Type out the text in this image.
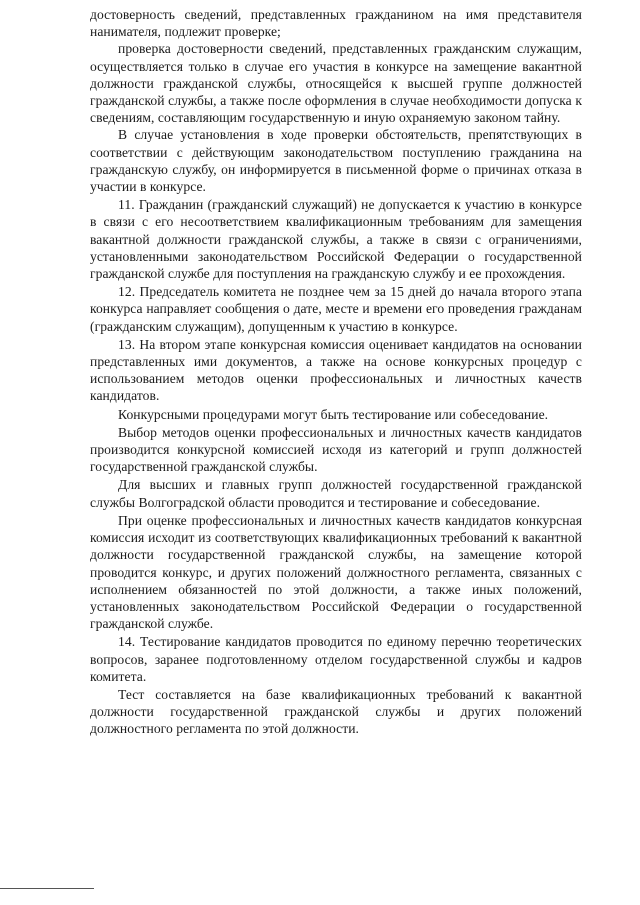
достоверность сведений, представленных гражданином на имя представителя нанимателя, подлежит проверке;

проверка достоверности сведений, представленных гражданским служащим, осуществляется только в случае его участия в конкурсе на замещение вакантной должности гражданской службы, относящейся к высшей группе должностей гражданской службы, а также после оформления в случае необходимости допуска к сведениям, составляющим государственную и иную охраняемую законом тайну.

В случае установления в ходе проверки обстоятельств, препятствующих в соответствии с действующим законодательством поступлению гражданина на гражданскую службу, он информируется в письменной форме о причинах отказа в участии в конкурсе.

11. Гражданин (гражданский служащий) не допускается к участию в конкурсе в связи с его несоответствием квалификационным требованиям для замещения вакантной должности гражданской службы, а также в связи с ограничениями, установленными законодательством Российской Федерации о государственной гражданской службе для поступления на гражданскую службу и ее прохождения.

12. Председатель комитета не позднее чем за 15 дней до начала второго этапа конкурса направляет сообщения о дате, месте и времени его проведения гражданам (гражданским служащим), допущенным к участию в конкурсе.

13. На втором этапе конкурсная комиссия оценивает кандидатов на основании представленных ими документов, а также на основе конкурсных процедур с использованием методов оценки профессиональных и личностных качеств кандидатов.

Конкурсными процедурами могут быть тестирование или собеседование.

Выбор методов оценки профессиональных и личностных качеств кандидатов производится конкурсной комиссией исходя из категорий и групп должностей государственной гражданской службы.

Для высших и главных групп должностей государственной гражданской службы Волгоградской области проводится и тестирование и собеседование.

При оценке профессиональных и личностных качеств кандидатов конкурсная комиссия исходит из соответствующих квалификационных требований к вакантной должности государственной гражданской службы, на замещение которой проводится конкурс, и других положений должностного регламента, связанных с исполнением обязанностей по этой должности, а также иных положений, установленных законодательством Российской Федерации о государственной гражданской службе.

14. Тестирование кандидатов проводится по единому перечню теоретических вопросов, заранее подготовленному отделом государственной службы и кадров комитета.

Тест составляется на базе квалификационных требований к вакантной должности государственной гражданской службы и других положений должностного регламента по этой должности.
